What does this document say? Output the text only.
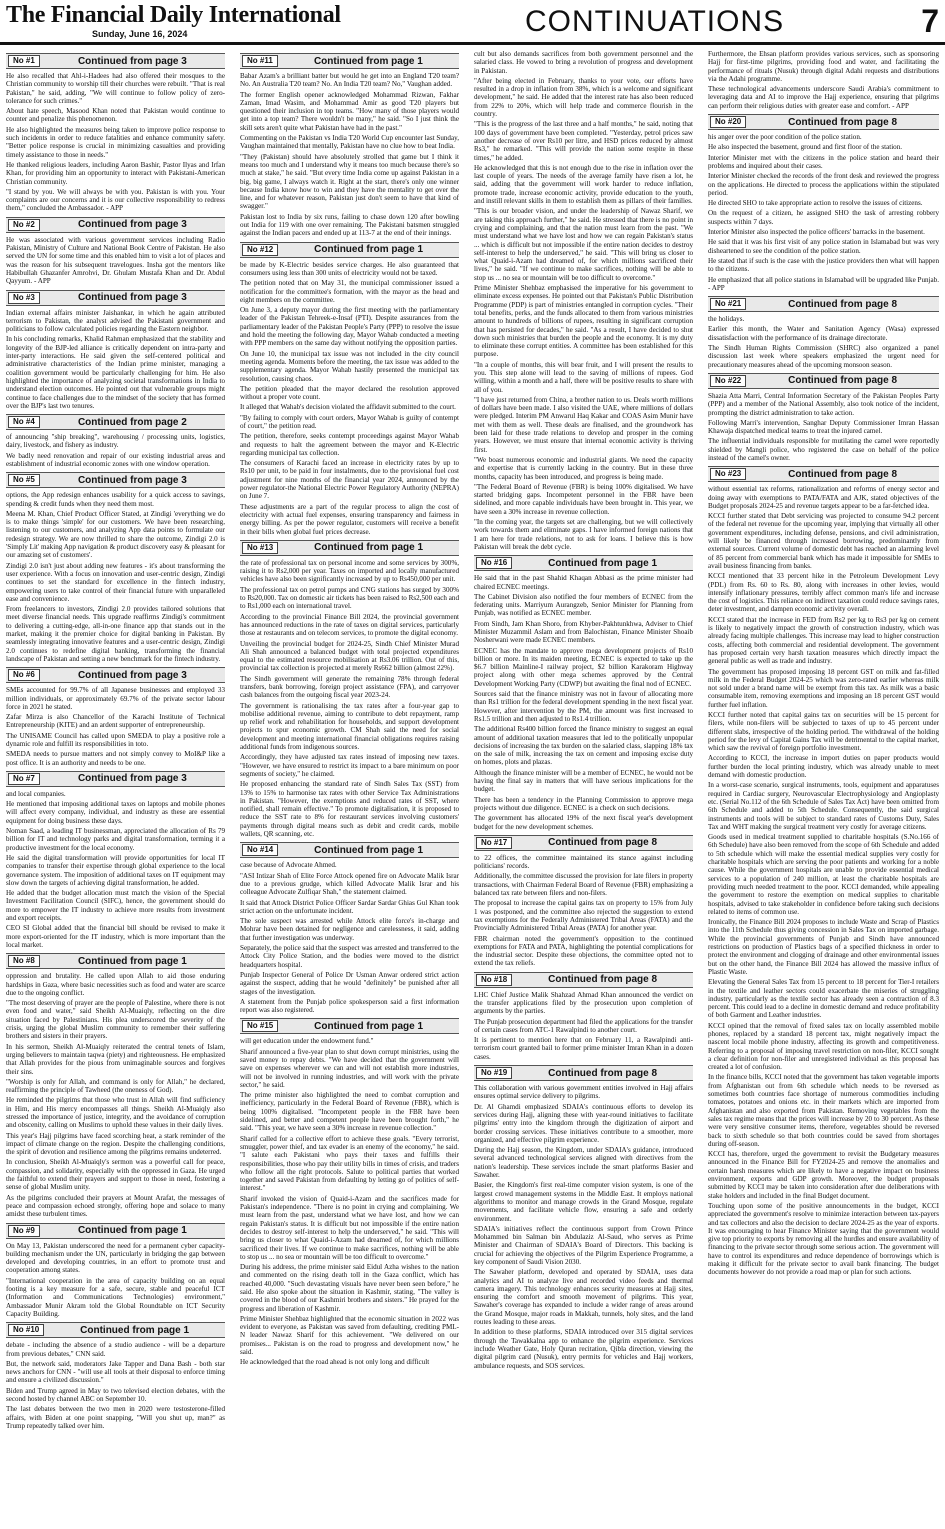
The Financial Daily International
Sunday, June 16, 2024	CONTINUATIONS	7
No #1	Continued from page 3

He also recalled that Ahl-i-Hadees had also offered their mosques to the Christian community to worship till their churches were rebuilt. "That is real Pakistan," he said, adding, "We will continue to follow policy of zero-tolerance for such crimes."

About hate speech, Masood Khan noted that Pakistan would continue to counter and penalize this phenomenon.

He also highlighted the measures being taken to improve police response to such incidents in order to reduce fatalities and enhance community safety. "Better police response is crucial in minimizing casualties and providing timely assistance to those in needs."

He thanked religious leaders, including Aaron Bashir, Pastor Ilyas and Irfan Khan, for providing him an opportunity to interact with Pakistani-American Christian community.

"I stand by you. We will always be with you. Pakistan is with you. Your complaints are our concerns and it is our collective responsibility to redress them," concluded the Ambassador. - APP

No #2	Continued from page 3

He was associated with various government services including Radio Pakistan, Ministry of Culture and National Book Centre of Pakistan. He also served the UN for some time and this enabled him to visit a lot of places and was the reason for his subsequent travelogues. Insha got the mentors like Habibullah Ghazanfer Amrohvi, Dr. Ghulam Mustafa Khan and Dr. Abdul Qayyum. - APP

No #3	Continued from page 3

Indian external affairs minister Jaishankar, in which he again attributed terrorism to Pakistan, the analyst advised the Pakistani government and politicians to follow calculated policies regarding the Eastern neighbor.

In his concluding remarks, Khalid Rahman emphasized that the stability and longevity of the BJP-led alliance is critically dependent on intra-party and inter-party interactions. He said given the self-centered political and administrative characteristics of the Indian prime minister, managing a coalition government would be particularly challenging for him. He also highlighted the importance of analyzing societal transformations in India to understand election outcomes. He pointed out that vulnerable groups might continue to face challenges due to the mindset of the society that has formed over the BJP's last two tenures.

No #4	Continued from page 2

of announcing "ship breaking", warehousing / processing units, logistics, dairy, livestock, and fishery as industry.

We badly need renovation and repair of our existing industrial areas and establishment of industrial economic zones with one window operation.

No #5	Continued from page 3

options, the App redesign enhances usability for a quick access to savings, spending & credit funds when they need them most.

Meena M. Khan, Chief Product Officer Stated, at Zindigi 'everything we do is to make things 'simple' for our customers. We have been researching, listening to our customers, and analyzing App data points to formulate our redesign strategy. We are now thrilled to share the outcome, Zindigi 2.0 is 'Simply Lit' making App navigation & product discovery easy & pleasant for our amazing set of customers'.

Zindigi 2.0 isn't just about adding new features - it's about transforming the user experience. With a focus on innovation and user-centric design, Zindigi continues to set the standard for excellence in the fintech industry, empowering users to take control of their financial future with unparalleled ease and convenience.

From freelancers to investors, Zindigi 2.0 provides tailored solutions that meet diverse financial needs. This upgrade reaffirms Zindigi's commitment to delivering a cutting-edge, all-in-one finance app that stands out in the market, making it the premier choice for digital banking in Pakistan. By seamlessly integrating innovative features and a user-centric design, Zindigi 2.0 continues to redefine digital banking, transforming the financial landscape of Pakistan and setting a new benchmark for the fintech industry.

No #6	Continued from page 3

SMEs accounted for 99.7% of all Japanese businesses and employed 33 million individuals, or approximately 69.7% of the private sector labour force in 2021 he stated.

Zafar Mirza is also Chancellor of the Karachi Institute of Technical Entrepreneurship (KITE) and an ardent supporter of entrepreneurship.

The UNISAME Council has called upon SMEDA to play a positive role a dynamic role and fulfill its responsibilities in toto.

SMEDA needs to pursue matters and not simply convey to MoI&P like a post office. It is an authority and needs to be one.

No #7	Continued from page 3

and local companies.

He mentioned that imposing additional taxes on laptops and mobile phones will affect every company, individual, and industry as these are essential equipment for doing business these days.

Noman Saad, a leading IT businessman, appreciated the allocation of Rs 79 billion for IT and technology parks and digital transformation, terming it a productive investment for the local economy.

He said the digital transformation will provide opportunities for local IT companies to transfer their expertise through global experience to the local governance system. The imposition of additional taxes on IT equipment may slow down the targets of achieving digital transformation, he added.

He added that the budget allocation must match the vision of the Special Investment Facilitation Council (SIFC), hence, the government should do more to empower the IT industry to achieve more results from investment and export receipts.

CEO SI Global added that the financial bill should be revised to make it more export-oriented for the IT industry, which is more important than the local market.

No #8	Continued from page 1

oppression and brutality. He called upon Allah to aid those enduring hardships in Gaza, where basic necessities such as food and water are scarce due to the ongoing conflict.

"The most deserving of prayer are the people of Palestine, where there is not even food and water," said Sheikh Al-Muaiqly, reflecting on the dire situation faced by Palestinians. His plea underscored the severity of the crisis, urging the global Muslim community to remember their suffering brothers and sisters in their prayers.

In his sermon, Sheikh Al-Muaiqly reiterated the central tenets of Islam, urging believers to maintain taqwa (piety) and righteousness. He emphasized that Allah provides for the pious from unimaginable sources and forgives their sins.

"Worship is only for Allah, and command is only for Allah," he declared, reaffirming the principle of Tawheed (the oneness of God).

He reminded the pilgrims that those who trust in Allah will find sufficiency in Him, and His mercy encompasses all things. Sheikh Al-Muaiqly also stressed the importance of justice, integrity, and the avoidance of corruption and obscenity, calling on Muslims to uphold these values in their daily lives.

This year's Hajj pilgrims have faced scorching heat, a stark reminder of the impact of climate change on the region. Despite the challenging conditions, the spirit of devotion and resilience among the pilgrims remains undeterred.

In conclusion, Sheikh Al-Muaiqly's sermon was a powerful call for peace, compassion, and solidarity, especially with the oppressed in Gaza. He urged the faithful to extend their prayers and support to those in need, fostering a sense of global Muslim unity.

As the pilgrims concluded their prayers at Mount Arafat, the messages of peace and compassion echoed strongly, offering hope and solace to many amidst these turbulent times.

No #9	Continued from page 1

On May 13, Pakistan underscored the need for a permanent cyber capacity-building mechanism under the UN, particularly in bridging the gap between developed and developing countries, in an effort to promote trust and cooperation among states.

"International cooperation in the area of capacity building on an equal footing is a key measure for a safe, secure, stable and peaceful ICT (Information and Communications Technologies) environment," Ambassador Munir Akram told the Global Roundtable on ICT Security Capacity Building.

No #10	Continued from page 1

debate - including the absence of a studio audience - will be a departure from previous debates," CNN said.

But, the network said, moderators Jake Tapper and Dana Bash - both star news anchors for CNN - "will use all tools at their disposal to enforce timing and ensure a civilized discussion."

Biden and Trump agreed in May to two televised election debates, with the second hosted by channel ABC on September 10.

The last debates between the two men in 2020 were testosterone-filled affairs, with Biden at one point snapping, "Will you shut up, man?" as Trump repeatedly talked over him.

No #11	Continued from page 1

Babar Azam's a brilliant batter but would he get into an England T20 team? No. An Australia T20 team? No. An India T20 team? No," Vaughan added.

The former English opener acknowledged Mohammad Rizwan, Fakhar Zaman, Imad Wasim, and Mohammad Amir as good T20 players but questioned their inclusion in top teams. "How many of those players would get into a top team? There wouldn't be many," he said. "So I just think the skill sets aren't quite what Pakistan have had in the past."

Commenting on the Pakistan vs India T20 World Cup encounter last Sunday, Vaughan maintained that mentally, Pakistan have no clue how to beat India.

"They (Pakistan) should have absolutely strolled that game but I think it means too much and I understand why it means too much because there's so much at stake," he said. "But every time India come up against Pakistan in a big, big game, I always watch it. Right at the start, there's only one winner because India know how to win and they have the mentality to get over the line, and for whatever reason, Pakistan just don't seem to have that kind of swagger."

Pakistan lost to India by six runs, failing to chase down 120 after bowling out India for 119 with one over remaining. The Pakistani batsmen struggled against the Indian pacers and ended up at 113-7 at the end of their innings.

No #12	Continued from page 1

be made by K-Electric besides service charges. He also guaranteed that consumers using less than 300 units of electricity would not be taxed.

The petition noted that on May 31, the municipal commissioner issued a notification for the committee's formation, with the mayor as the head and eight members on the committee.

On June 3, a deputy mayor during the first meeting with the parliamentary leader of the Pakistan Tehreek-e-Insaf (PTI). Despite assurances from the parliamentary leader of the Pakistan People's Party (PPP) to resolve the issue and hold the meeting the following day, Mayor Wahab conducted a meeting with PPP members on the same day without notifying the opposition parties.

On June 10, the municipal tax issue was not included in the city council meeting agenda. Moments before the meeting, the tax issue was added to the supplementary agenda. Mayor Wahab hastily presented the municipal tax resolution, causing chaos.

The petition pleaded that the mayor declared the resolution approved without a proper vote count.

It alleged that Wahab's decision violated the affidavit submitted to the court.

"By failing to comply with court orders, Mayor Wahab is guilty of contempt of court," the petition read.

The petition, therefore, seeks contempt proceedings against Mayor Wahab and requests to halt the agreement between the mayor and K-Electric regarding municipal tax collection.

The consumers of Karachi faced an increase in electricity rates by up to Rs10 per unit, to be paid in four instalments, due to the provisional fuel cost adjustment for nine months of the financial year 2024, announced by the power regulator-the National Electric Power Regulatory Authority (NEPRA) on June 7.

These adjustments are a part of the regular process to align the cost of electricity with actual fuel expenses, ensuring transparency and fairness in energy billing. As per the power regulator, customers will receive a benefit in their bills when global fuel prices decrease.

No #13	Continued from page 1

the rate of professional tax on personal income and some services by 300%, raising it to Rs2,000 per year. Taxes on imported and locally manufactured vehicles have also been significantly increased by up to Rs450,000 per unit.

The professional tax on petrol pumps and CNG stations has surged by 300% to Rs20,000. Tax on domestic air tickets has been raised to Rs2,500 each and to Rs1,000 each on international travel.

According to the provincial Finance Bill 2024, the provincial government has announced reductions in the rate of taxes on digital services, particularly those at restaurants and on telecom services, to promote the digital economy.

Unveiling the provincial budget for 2024-25, Sindh Chief Minister Murad Ali Shah announced a balanced budget with total projected expenditures equal to the estimated resource mobilisation at Rs3.06 trillion. Out of this, provincial tax collection is projected at merely Rs662 billion (almost 22%).

The Sindh government will generate the remaining 78% through federal transfers, bank borrowing, foreign project assistance (FPA), and carryover cash balances from the outgoing fiscal year 2023-24.

The government is rationalising the tax rates after a four-year gap to mobilise additional revenue, aiming to contribute to debt repayment, ramp up relief work and rehabilitation for households, and support development projects to spur economic growth. CM Shah said the need for social development and meeting international financial obligations requires raising additional funds from indigenous sources.

Accordingly, they have adjusted tax rates instead of imposing new taxes. "However, we have ensured to restrict its impact to a bare minimum on poor segments of society," he claimed.

He proposed enhancing the standard rate of Sindh Sales Tax (SST) from 13% to 15% to harmonise tax rates with other Service Tax Administrations in Pakistan. "However, the exemptions and reduced rates of SST, where notified, shall remain effective." To promote digitalisation, it is proposed to reduce the SST rate to 8% for restaurant services involving customers' payments through digital means such as debit and credit cards, mobile wallets, QR scanning, etc.

No #14	Continued from page 1

case because of Advocate Ahmed.

"ASI Intizar Shah of Elite Force Attock opened fire on Advocate Malik Israr due to a previous grudge, which killed Advocate Malik Israr and his colleague Advocate Zulfiqar Shah," the statement claimed.

It said that Attock District Police Officer Sardar Sardar Ghias Gul Khan took strict action on the unfortunate incident.

The sole suspect was arrested while Attock elite force's in-charge and Mohrar have been detained for negligence and carelessness, it said, adding that further investigation was underway.

Separately, the police said that the suspect was arrested and transferred to the Attock City Police Station, and the bodies were moved to the district headquarters hospital.

Punjab Inspector General of Police Dr Usman Anwar ordered strict action against the suspect, adding that he would "definitely" be punished after all stages of the investigation.

A statement from the Punjab police spokesperson said a first information report was also registered.

No #15	Continued from page 1

will get education under the endowment fund."

Sharif announced a five-year plan to shut down corrupt ministries, using the saved money to repay debts. "We have decided that the government will save on expenses wherever we can and will not establish more industries, will not be involved in running industries, and will work with the private sector," he said.

The prime minister also highlighted the need to combat corruption and inefficiency, particularly in the Federal Board of Revenue (FBR), which is being 100% digitalised. "Incompetent people in the FBR have been sidelined, and better and competent people have been brought forth," he said. "This year, we have seen a 30% increase in revenue collection."

Sharif called for a collective effort to achieve these goals. "Every terrorist, smuggler, power thief, and tax evader is an enemy of the economy," he said. "I salute each Pakistani who pays their taxes and fulfills their responsibilities, those who pay their utility bills in times of crisis, and traders who follow all the right protocols. Salute to political parties that worked together and saved Pakistan from defaulting by letting go of politics of self-interest."

Sharif invoked the vision of Quaid-i-Azam and the sacrifices made for Pakistan's independence. "There is no point in crying and complaining. We must learn from the past, understand what we have lost, and how we can regain Pakistan's status. It is difficult but not impossible if the entire nation decides to destroy self-interest to help the underserved," he said. "This will bring us closer to what Quaid-i-Azam had dreamed of, for which millions sacrificed their lives. If we continue to make sacrifices, nothing will be able to stop us ... no sea or mountain will be too difficult to overcome."

During his address, the prime minister said Eidul Azha wishes to the nation and commented on the rising death toll in the Gaza conflict, which has reached 40,000. "Such devastating visuals have never been seen before," he said. He also spoke about the situation in Kashmir, stating, "The valley is covered in the blood of our Kashmiri brothers and sisters." He prayed for the progress and liberation of Kashmir.

Prime Minister Shehbaz highlighted that the economic situation in 2022 was evident to everyone, as Pakistan was saved from defaulting, crediting PML-N leader Nawaz Sharif for this achievement. "We delivered on our promises... Pakistan is on the road to progress and development now," he said.

He acknowledged that the road ahead is not only long and difficult

cult but also demands sacrifices from both government personnel and the salaried class. He vowed to bring a revolution of progress and development in Pakistan.

"After being elected in February, thanks to your vote, our efforts have resulted in a drop in inflation from 38%, which is a welcome and significant development," he said. He added that the interest rate has also been reduced from 22% to 20%, which will help trade and commerce flourish in the country.

"This is the progress of the last three and a half months," he said, noting that 100 days of government have been completed. "Yesterday, petrol prices saw another decrease of over Rs10 per litre, and HSD prices reduced by almost Rs3," he remarked. "This will provide the nation some respite in these times," he added.

He acknowledged that this is not enough due to the rise in inflation over the last couple of years. The needs of the average family have risen a lot, he said, adding that the government will work harder to reduce inflation, promote trade, increase economic activity, provide education to the youth, and instill relevant skills in them to establish them as pillars of their families.

"This is our broader vision, and under the leadership of Nawaz Sharif, we are taking this approach further," he said. He stressed that there is no point in crying and complaining, and that the nation must learn from the past. "We must understand what we have lost and how we can regain Pakistan's status ... which is difficult but not impossible if the entire nation decides to destroy self-interest to help the underserved," he said. "This will bring us closer to what Quaid-i-Azam had dreamed of, for which millions sacrificed their lives," he said. "If we continue to make sacrifices, nothing will be able to stop us ... no sea or mountain will be too difficult to overcome."

Prime Minister Shehbaz emphasised the imperative for his government to eliminate excess expenses. He pointed out that Pakistan's Public Distribution Programme (PDP) is part of ministries entangled in corruption cycles. "Their total benefits, perks, and the funds allocated to them from various ministries amount to hundreds of billions of rupees, resulting in significant corruption that has persisted for decades," he said. "As a result, I have decided to shut down such ministries that burden the people and the economy. It is my duty to eliminate these corrupt entities. A committee has been established for this purpose.

"In a couple of months, this will bear fruit, and I will present the results to you. This step alone will lead to the saving of millions of rupees. God willing, within a month and a half, there will be positive results to share with all of you.

"I have just returned from China, a brother nation to us. Deals worth millions of dollars have been made. I also visited the UAE, where millions of dollars were pledged. Interim PM Anwarul Haq Kakar and COAS Asim Munir have met with them as well. These deals are finalised, and the groundwork has been laid for these trade relations to develop and prosper in the coming years. However, we must ensure that internal economic activity is thriving first.

"We boast numerous economic and industrial giants. We need the capacity and expertise that is currently lacking in the country. But in these three months, capacity has been introduced, and progress is being made.

"The Federal Board of Revenue (FBR) is being 100% digitalised. We have started bridging gaps. Incompetent personnel in the FBR have been sidelined, and more capable individuals have been brought in. This year, we have seen a 30% increase in revenue collection.

"In the coming year, the targets set are challenging, but we will collectively work towards them and eliminate gaps. I have informed foreign nations that I am here for trade relations, not to ask for loans. I believe this is how Pakistan will break the debt cycle.

No #16	Continued from page 1

He said that in the past Shahid Khaqan Abbasi as the prime minister had chaired ECNEC meetings.

The Cabinet Division also notified the four members of ECNEC from the federating units. Marriyum Aurangzeb, Senior Minister for Planning from Punjab, was notified as ECNEC member.

From Sindh, Jam Khan Shoro, from Khyber-Pakhtunkhwa, Adviser to Chief Minister Muzammil Aslam and from Balochistan, Finance Minister Shoaib Nosherwani were made ECNEC members.

ECNEC has the mandate to approve mega development projects of Rs10 billion or more. In its maiden meeting, ECNEC is expected to take up the $6.7 billion Mainline-I railway project, $2 billion Karakoram Highway project along with other mega schemes approved by the Central Development Working Party (CDWP) but awaiting the final nod of ECNEC.

Sources said that the finance ministry was not in favour of allocating more than Rs1 trillion for the federal development spending in the next fiscal year. However, after intervention by the PM, the amount was first increased to Rs1.5 trillion and then adjusted to Rs1.4 trillion.

The additional Rs400 billion forced the finance ministry to suggest an equal amount of additional taxation measures that led to the politically unpopular decisions of increasing the tax burden on the salaried class, slapping 18% tax on the sale of milk, increasing the tax on cement and imposing excise duty on homes, plots and plazas.

Although the finance minister will be a member of ECNEC, he would not be having the final say in matters that will have serious implications for the budget.

There has been a tendency in the Planning Commission to approve mega projects without due diligence. ECNEC is a check on such decisions.

The government has allocated 19% of the next fiscal year's development budget for the new development schemes.

No #17	Continued from page 8

to 22 offices, the committee maintained its stance against including politicians' records.

Additionally, the committee discussed the provision for late filers in property transactions, with Chairman Federal Board of Revenue (FBR) emphasizing a balanced tax rate between filers and non-filers.

The proposal to increase the capital gains tax on property to 15% from July 1 was postponed, and the committee also rejected the suggestion to extend tax exemptions for the Federally Administered Tribal Areas (FATA) and the Provincially Administered Tribal Areas (PATA) for another year.

FBR chairman noted the government's opposition to the continued exemptions for FATA and PATA, highlighting the potential complications for the industrial sector. Despite these objections, the committee opted not to extend the tax reliefs.

No #18	Continued from page 8

LHC Chief Justice Malik Shahzad Ahmad Khan announced the verdict on the transfer applications filed by the prosecution upon completion of arguments by the parties.

The Punjab prosecution department had filed the applications for the transfer of certain cases from ATC-1 Rawalpindi to another court.

It is pertinent to mention here that on February 11, a Rawalpindi anti-terrorism court granted bail to former prime minister Imran Khan in a dozen cases.

No #19	Continued from page 8

This collaboration with various government entities involved in Hajj affairs ensures optimal service delivery to pilgrims.

Dr. Al Ghamdi emphasized SDAIA's continuous efforts to develop its services during Hajj, aligning these with year-round initiatives to facilitate pilgrims' entry into the kingdom through the digitization of airport and border crossing services. These initiatives contribute to a smoother, more organized, and effective pilgrim experience.

During the Hajj season, the Kingdom, under SDAIA's guidance, introduced several advanced technological services aligned with directives from the nation's leadership. These services include the smart platforms Basier and Sawaher.

Basier, the Kingdom's first real-time computer vision system, is one of the largest crowd management systems in the Middle East. It employs national algorithms to monitor and manage crowds in the Grand Mosque, regulate movements, and facilitate vehicle flow, ensuring a safe and orderly environment.

SDAIA's initiatives reflect the continuous support from Crown Prince Mohammed bin Salman bin Abdulaziz Al-Saud, who serves as Prime Minister and Chairman of SDAIA's Board of Directors. This backing is crucial for achieving the objectives of the Pilgrim Experience Programme, a key component of Saudi Vision 2030.

The Sawaher platform, developed and operated by SDAIA, uses data analytics and AI to analyze live and recorded video feeds and thermal camera imagery. This technology enhances security measures at Hajj sites, ensuring the comfort and smooth movement of pilgrims. This year, Sawaher's coverage has expanded to include a wider range of areas around the Grand Mosque, major roads in Makkah, tunnels, holy sites, and the land routes leading to these areas.

In addition to these platforms, SDAIA introduced over 315 digital services through the Tawakkalna app to enhance the pilgrim experience. Services include Weather Gate, Holy Quran recitation, Qibla direction, viewing the digital pilgrim card (Nusuk), entry permits for vehicles and Hajj workers, ambulance requests, and SOS services.

Furthermore, the Ehsan platform provides various services, such as sponsoring Hajj for first-time pilgrims, providing food and water, and facilitating the performance of rituals (Nusuk) through digital Adahi requests and distributions via the Adahi programme.

These technological advancements underscore Saudi Arabia's commitment to leveraging data and AI to improve the Hajj experience, ensuring that pilgrims can perform their religious duties with greater ease and comfort. - APP

No #20	Continued from page 8

his anger over the poor condition of the police station.

He also inspected the basement, ground and first floor of the station.

Interior Minister met with the citizens in the police station and heard their problems and inquired about their cases.

Interior Minister checked the records of the front desk and reviewed the progress on the applications. He directed to process the applications within the stipulated period.

He directed SHO to take appropriate action to resolve the issues of citizens.

On the request of a citizen, he assigned SHO the task of arresting robbery suspects within 7 days.

Interior Minister also inspected the police officers' barracks in the basement.

He said that it was his first visit of any police station in Islamabad but was very disheartened to see the condition of the police station.

He stated that if such is the case with the justice providers then what will happen to the citizens.

He emphasized that all police stations in Islamabad will be upgraded like Punjab. - APP

No #21	Continued from page 8

the holidays.

Earlier this month, the Water and Sanitation Agency (Wasa) expressed dissatisfaction with the performance of its drainage directorate.

The Sindh Human Rights Commission (SHRC) also organized a panel discussion last week where speakers emphasized the urgent need for precautionary measures ahead of the upcoming monsoon season.

No #22	Continued from page 8

Shazia Atta Marri, Central Information Secretary of the Pakistan Peoples Party (PPP) and a member of the National Assembly, also took notice of the incident, prompting the district administration to take action.

Following Marri's intervention, Sanghar Deputy Commissioner Imran Hassan Khawaja dispatched medical teams to treat the injured camel.

The influential individuals responsible for mutilating the camel were reportedly shielded by Mangli police, who registered the case on behalf of the police instead of the camel's owner.

No #23	Continued from page 8

without essential tax reforms, rationalization and reforms of energy sector and doing away with exemptions to PATA/FATA and AJK, stated objectives of the Budget proposals 2024-25 and revenue targets appear to be a far-fetched idea.

KCCI further stated that Debt servicing was projected to consume 94.2 percent of the federal net revenue for the upcoming year, implying that virtually all other government expenditures, including defense, pensions, and civil administration, will likely be financed through increased borrowing, predominantly from external sources. Current volume of domestic debt has reached an alarming level of 85 percent from commercial bank which has made it impossible for SMEs to avail business financing from banks.

KCCI mentioned that 33 percent hike in the Petroleum Development Levy (PDL) from Rs. 60 to Rs. 80, along with increases in other levies, would intensify inflationary pressures, terribly affect common man's life and increase the cost of logistics. This reliance on indirect taxation could reduce savings rates, deter investment, and dampen economic activity overall.

KCCI stated that the increase in FED from Rs2 per kg to Rs3 per kg on cement is likely to negatively impact the growth of construction industry, which was already facing multiple challenges. This increase may lead to higher construction costs, affecting both commercial and residential development. The government has proposed certain very harsh taxation measures which directly impact the general public as well as trade and industry.

The government has proposed imposing 18 percent GST on milk and fat-filled milk in the Federal Budget 2024-25 which was zero-rated earlier whereas milk not sold under a brand name will be exempt from this tax. As milk was a basic consumable item, removing exemptions and imposing an 18 percent GST would further fuel inflation.

KCCI further noted that capital gains tax on securities will be 15 percent for filers, while non-filers will be subjected to taxes of up to 45 percent under different slabs, irrespective of the holding period. The withdrawal of the holding period for the levy of Capital Gains Tax will be detrimental to the capital market, which saw the revival of foreign portfolio investment.

According to KCCI, the increase in import duties on paper products would further burden the local printing industry, which was already unable to meet demand with domestic production.

In a worst-case scenario, surgical instruments, tools, equipment and apparatuses required in Cardiac surgery, Neurovascular Electrophysiology and Angioplasty etc. (Serial No.112 of the 6th Schedule of Sales Tax Act) have been omitted from 6th Schedule and added to 5th Schedule. Consequently, the said surgical instruments and tools will be subject to standard rates of Customs Duty, Sales Tax and WHT making the surgical treatment very costly for average citizens.

Goods used in medical treatment supplied to charitable hospitals (S.No.166 of 6th Schedule) have also been removed from the scope of 6th Schedule and added to 5th schedule which will make the essential medical supplies very costly for charitable hospitals which are serving the poor patients and working for a noble cause. While the government hospitals are unable to provide essential medical services to a population of 240 million, at least the charitable hospitals are providing much needed treatment to the poor. KCCI demanded, while appealing the government to restore the exemption on medical supplies to charitable hospitals, advised to take stakeholder in confidence before taking such decisions related to items of common use.

Ironically, the Finance Bill 2024 proposes to include Waste and Scrap of Plastics into the 11th Schedule thus giving concession in Sales Tax on imported garbage. While the provincial governments of Punjab and Sindh have announced restrictions on production of Plastics bags of a specified thickness in order to protect the environment and clogging of drainage and other environmental issues but on the other hand, the Finance Bill 2024 has allowed the massive influx of Plastic Waste.

Elevating the General Sales Tax from 15 percent to 18 percent for Tier-I retailers in the textile and leather sectors could exacerbate the miseries of struggling industry, particularly as the textile sector has already seen a contraction of 8.3 percent. This could lead to a decline in domestic demand and reduce profitability of both Garment and Leather industries.

KCCI opined that the removal of fixed sales tax on locally assembled mobile phones, replaced by a standard 18 percent tax, might negatively impact the nascent local mobile phone industry, affecting its growth and competitiveness. Referring to a proposal of imposing travel restriction on non-filer, KCCI sought a clear definition for non-filer and unregistered individual as this proposal has created a lot of confusion.

In the finance bills, KCCI noted that the government has taken vegetable imports from Afghanistan out from 6th schedule which needs to be reversed as sometimes both countries face shortage of numerous commodities including tomatoes, potatoes and onions etc. in their markets which are imported from Afghanistan and also exported from Pakistan. Removing vegetables from the sales tax regime means that the prices will increase by 20 to 30 percent. As these were very sensitive consumer items, therefore, vegetables should be reversed back to sixth schedule so that both countries could be saved from shortages during off-season.

KCCI has, therefore, urged the government to revisit the Budgetary measures announced in the Finance Bill for FY2024-25 and remove the anomalies and certain harsh measures which are likely to have a negative impact on business environment, exports and GDP growth. Moreover, the budget proposals submitted by KCCI may be taken into consideration after due deliberations with stake holders and included in the final Budget document.

Touching upon some of the positive announcements in the budget, KCCI appreciated the government's resolve to minimize interaction between tax-payers and tax collectors and also the decision to declare 2024-25 as the year of exports. It was encouraging to hear Finance Minister saying that the government would give top priority to exports by removing all the hurdles and ensure availability of financing to the private sector through some serious action. The government will have to control its expenditures and reduce dependence of borrowings which is making it difficult for the private sector to avail bank financing. The budget documents however do not provide a road map or plan for such actions.
